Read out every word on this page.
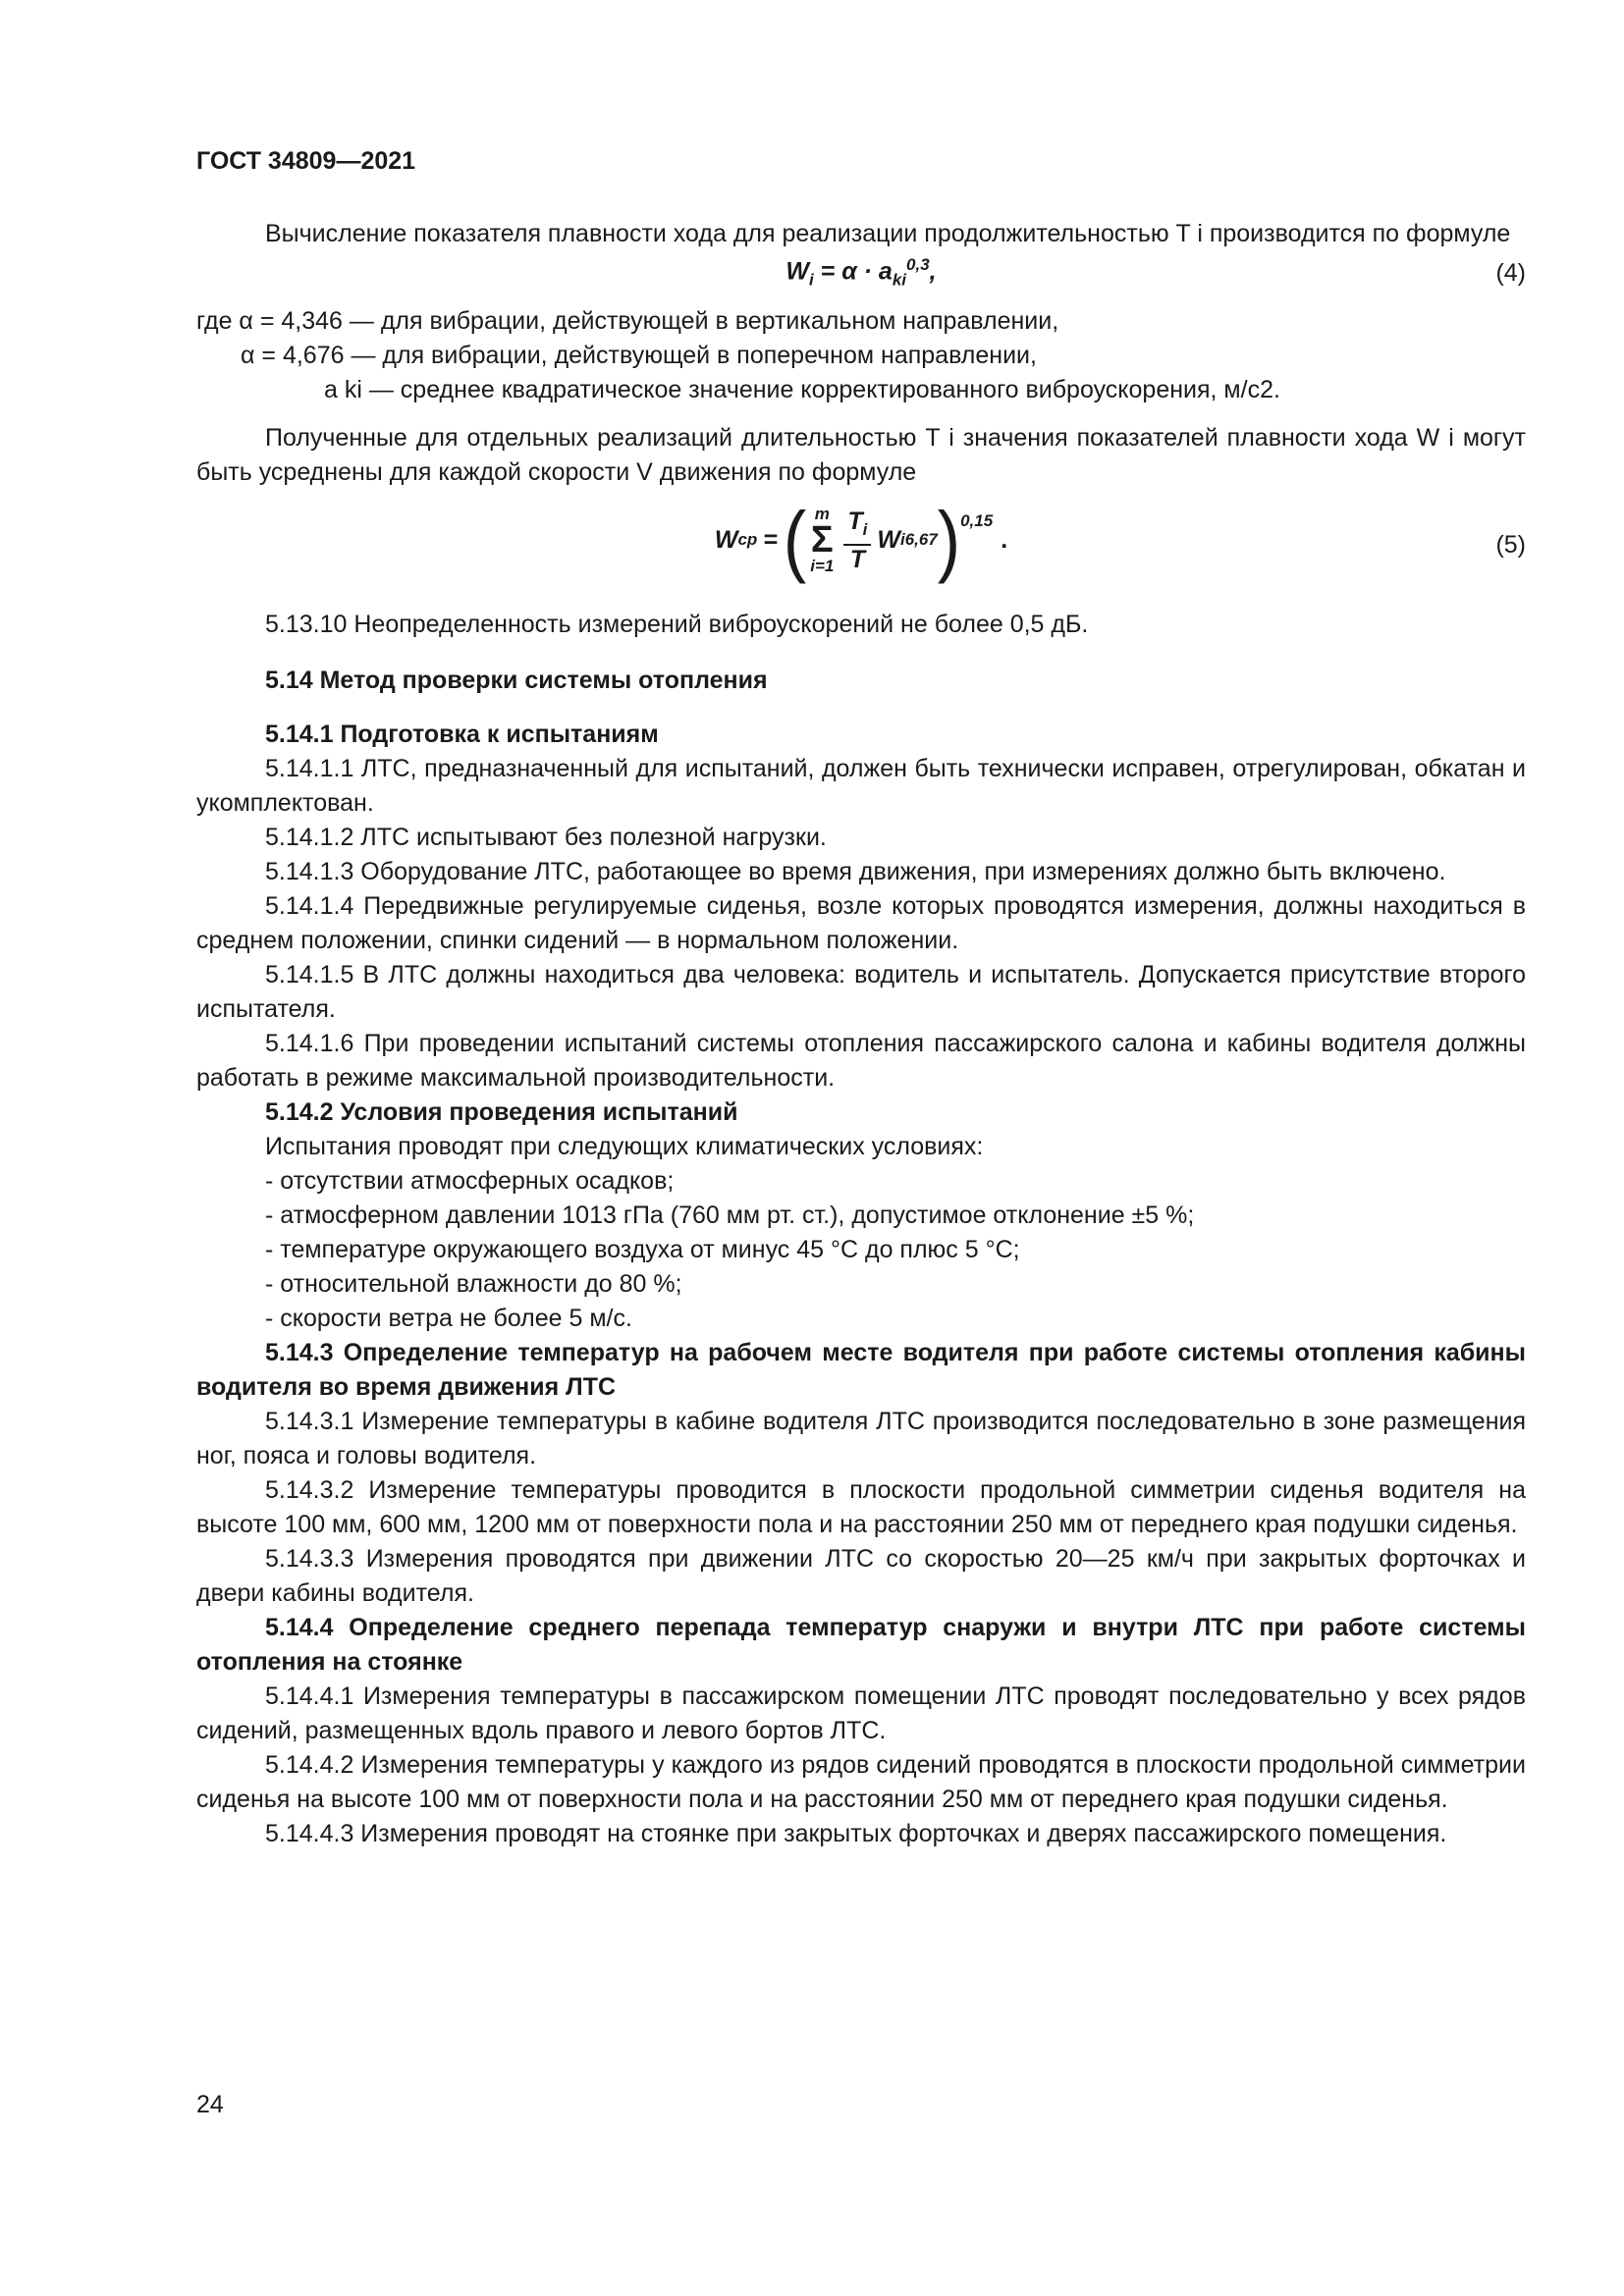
ГОСТ 34809—2021

Вычисление показателя плавности хода для реализации продолжительностью T i производится по формуле

$W_i = \alpha \cdot a_{ki}^{0,3}$,	(4)

где α = 4,346 — для вибрации, действующей в вертикальном направлении,

α = 4,676 — для вибрации, действующей в поперечном направлении,

a ki — среднее квадратическое значение корректированного виброускорения, м/с2.

Полученные для отдельных реализаций длительностью T i значения показателей плавности хода W i могут быть усреднены для каждой скорости V движения по формуле

W ср = ( m
Σ
$i=1 \frac{T_i}{T}$ W i 6,67 )$^{0,15}$
.	(5)

5.13.10 Неопределенность измерений виброускорений не более 0,5 дБ.

5.14 Метод проверки системы отопления

5.14.1 Подготовка к испытаниям

5.14.1.1 ЛТС, предназначенный для испытаний, должен быть технически исправен, отрегулирован, обкатан и укомплектован.

5.14.1.2 ЛТС испытывают без полезной нагрузки.

5.14.1.3 Оборудование ЛТС, работающее во время движения, при измерениях должно быть включено.

5.14.1.4 Передвижные регулируемые сиденья, возле которых проводятся измерения, должны находиться в среднем положении, спинки сидений — в нормальном положении.

5.14.1.5 В ЛТС должны находиться два человека: водитель и испытатель. Допускается присутствие второго испытателя.

5.14.1.6 При проведении испытаний системы отопления пассажирского салона и кабины водителя должны работать в режиме максимальной производительности.

5.14.2 Условия проведения испытаний

Испытания проводят при следующих климатических условиях:

- отсутствии атмосферных осадков;

- атмосферном давлении 1013 гПа (760 мм рт. ст.), допустимое отклонение ±5 %;

- температуре окружающего воздуха от минус 45 °С до плюс 5 °С;

- относительной влажности до 80 %;

- скорости ветра не более 5 м/с.

5.14.3 Определение температур на рабочем месте водителя при работе системы отопления кабины водителя во время движения ЛТС

5.14.3.1 Измерение температуры в кабине водителя ЛТС производится последовательно в зоне размещения ног, пояса и головы водителя.

5.14.3.2 Измерение температуры проводится в плоскости продольной симметрии сиденья водителя на высоте 100 мм, 600 мм, 1200 мм от поверхности пола и на расстоянии 250 мм от переднего края подушки сиденья.

5.14.3.3 Измерения проводятся при движении ЛТС со скоростью 20—25 км/ч при закрытых форточках и двери кабины водителя.

5.14.4 Определение среднего перепада температур снаружи и внутри ЛТС при работе системы отопления на стоянке

5.14.4.1 Измерения температуры в пассажирском помещении ЛТС проводят последовательно у всех рядов сидений, размещенных вдоль правого и левого бортов ЛТС.

5.14.4.2 Измерения температуры у каждого из рядов сидений проводятся в плоскости продольной симметрии сиденья на высоте 100 мм от поверхности пола и на расстоянии 250 мм от переднего края подушки сиденья.

5.14.4.3 Измерения проводят на стоянке при закрытых форточках и дверях пассажирского помещения.

24
